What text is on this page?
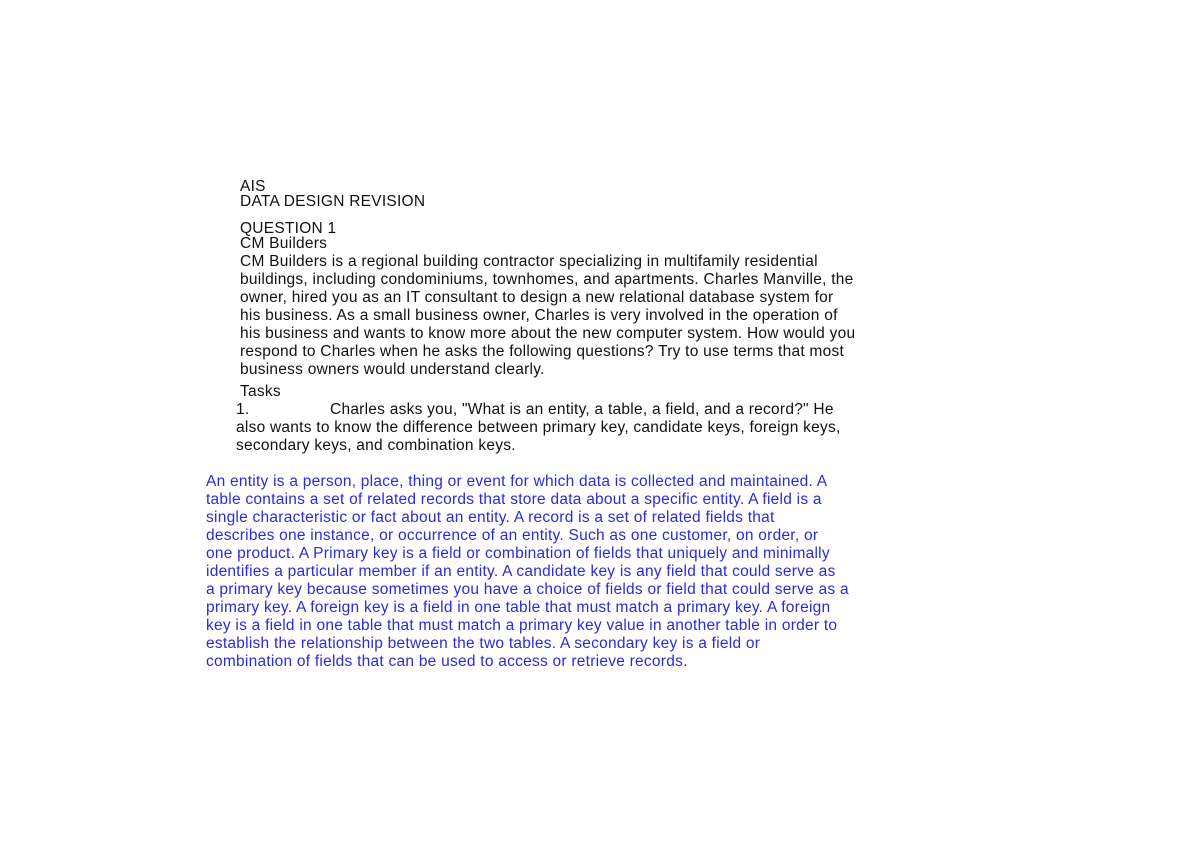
AIS
DATA DESIGN REVISION
QUESTION 1
CM Builders
CM Builders is a regional building contractor specializing in multifamily residential
buildings, including condominiums, townhomes, and apartments. Charles Manville, the
owner, hired you as an IT consultant to design a new relational database system for
his business. As a small business owner, Charles is very involved in the operation of
his business and wants to know more about the new computer system. How would you
respond to Charles when he asks the following questions? Try to use terms that most
business owners would understand clearly.
Tasks
1.	Charles asks you, "What is an entity, a table, a field, and a record?" He
also wants to know the difference between primary key, candidate keys, foreign keys,
secondary keys, and combination keys.
An entity is a person, place, thing or event for which data is collected and maintained. A
table contains a set of related records that store data about a specific entity. A field is a
single characteristic or fact about an entity. A record is a set of related fields that
describes one instance, or occurrence of an entity. Such as one customer, on order, or
one product. A Primary key is a field or combination of fields that uniquely and minimally
identifies a particular member if an entity. A candidate key is any field that could serve as
a primary key because sometimes you have a choice of fields or field that could serve as a
primary key. A foreign key is a field in one table that must match a primary key. A foreign
key is a field in one table that must match a primary key value in another table in order to
establish the relationship between the two tables. A secondary key is a field or
combination of fields that can be used to access or retrieve records.
